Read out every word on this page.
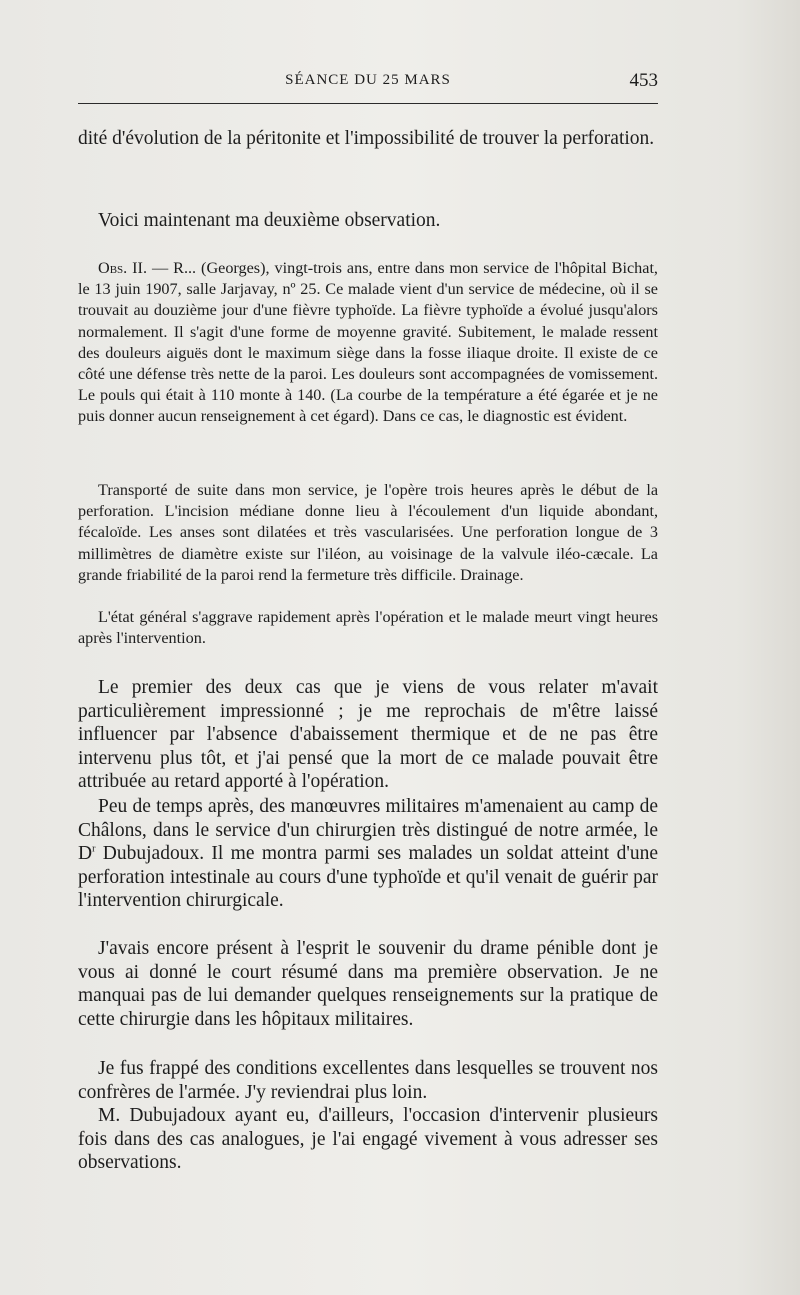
SÉANCE DU 25 MARS	453

dité d'évolution de la péritonite et l'impossibilité de trouver la perforation.

Voici maintenant ma deuxième observation.

Obs. II. — R... (Georges), vingt-trois ans, entre dans mon service de l'hôpital Bichat, le 13 juin 1907, salle Jarjavay, nº 25. Ce malade vient d'un service de médecine, où il se trouvait au douzième jour d'une fièvre typhoïde. La fièvre typhoïde a évolué jusqu'alors normalement. Il s'agit d'une forme de moyenne gravité. Subitement, le malade ressent des douleurs aiguës dont le maximum siège dans la fosse iliaque droite. Il existe de ce côté une défense très nette de la paroi. Les douleurs sont accompagnées de vomissement. Le pouls qui était à 110 monte à 140. (La courbe de la température a été égarée et je ne puis donner aucun renseignement à cet égard). Dans ce cas, le diagnostic est évident.

Transporté de suite dans mon service, je l'opère trois heures après le début de la perforation. L'incision médiane donne lieu à l'écoulement d'un liquide abondant, fécaloïde. Les anses sont dilatées et très vascularisées. Une perforation longue de 3 millimètres de diamètre existe sur l'iléon, au voisinage de la valvule iléo-cæcale. La grande friabilité de la paroi rend la fermeture très difficile. Drainage.

L'état général s'aggrave rapidement après l'opération et le malade meurt vingt heures après l'intervention.

Le premier des deux cas que je viens de vous relater m'avait particulièrement impressionné ; je me reprochais de m'être laissé influencer par l'absence d'abaissement thermique et de ne pas être intervenu plus tôt, et j'ai pensé que la mort de ce malade pouvait être attribuée au retard apporté à l'opération.

Peu de temps après, des manœuvres militaires m'amenaient au camp de Châlons, dans le service d'un chirurgien très distingué de notre armée, le $D^r$ Dubujadoux. Il me montra parmi ses malades un soldat atteint d'une perforation intestinale au cours d'une typhoïde et qu'il venait de guérir par l'intervention chirurgicale.

J'avais encore présent à l'esprit le souvenir du drame pénible dont je vous ai donné le court résumé dans ma première observation. Je ne manquai pas de lui demander quelques renseignements sur la pratique de cette chirurgie dans les hôpitaux militaires.

Je fus frappé des conditions excellentes dans lesquelles se trouvent nos confrères de l'armée. J'y reviendrai plus loin.

M. Dubujadoux ayant eu, d'ailleurs, l'occasion d'intervenir plusieurs fois dans des cas analogues, je l'ai engagé vivement à vous adresser ses observations.
